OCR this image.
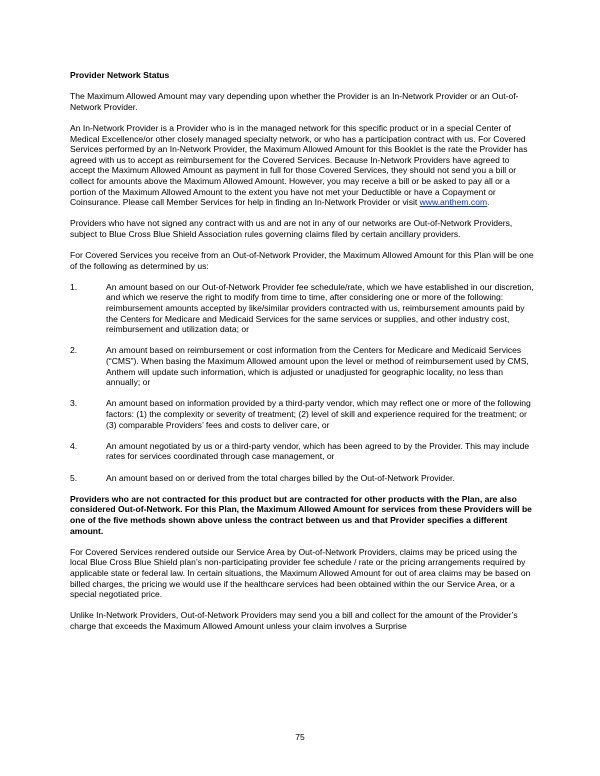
Provider Network Status

The Maximum Allowed Amount may vary depending upon whether the Provider is an In-Network Provider or an Out-of-Network Provider.

An In-Network Provider is a Provider who is in the managed network for this specific product or in a special Center of Medical Excellence/or other closely managed specialty network, or who has a participation contract with us. For Covered Services performed by an In-Network Provider, the Maximum Allowed Amount for this Booklet is the rate the Provider has agreed with us to accept as reimbursement for the Covered Services. Because In-Network Providers have agreed to accept the Maximum Allowed Amount as payment in full for those Covered Services, they should not send you a bill or collect for amounts above the Maximum Allowed Amount. However, you may receive a bill or be asked to pay all or a portion of the Maximum Allowed Amount to the extent you have not met your Deductible or have a Copayment or Coinsurance. Please call Member Services for help in finding an In-Network Provider or visit www.anthem.com.

Providers who have not signed any contract with us and are not in any of our networks are Out-of-Network Providers, subject to Blue Cross Blue Shield Association rules governing claims filed by certain ancillary providers.

For Covered Services you receive from an Out-of-Network Provider, the Maximum Allowed Amount for this Plan will be one of the following as determined by us:

1.	An amount based on our Out-of-Network Provider fee schedule/rate, which we have established in our discretion, and which we reserve the right to modify from time to time, after considering one or more of the following: reimbursement amounts accepted by like/similar providers contracted with us, reimbursement amounts paid by the Centers for Medicare and Medicaid Services for the same services or supplies, and other industry cost, reimbursement and utilization data; or
2.	An amount based on reimbursement or cost information from the Centers for Medicare and Medicaid Services (“CMS”). When basing the Maximum Allowed amount upon the level or method of reimbursement used by CMS, Anthem will update such information, which is adjusted or unadjusted for geographic locality, no less than annually; or
3.	An amount based on information provided by a third-party vendor, which may reflect one or more of the following factors: (1) the complexity or severity of treatment; (2) level of skill and experience required for the treatment; or (3) comparable Providers’ fees and costs to deliver care, or
4.	An amount negotiated by us or a third-party vendor, which has been agreed to by the Provider. This may include rates for services coordinated through case management, or
5.	An amount based on or derived from the total charges billed by the Out-of-Network Provider.

Providers who are not contracted for this product but are contracted for other products with the Plan, are also considered Out-of-Network. For this Plan, the Maximum Allowed Amount for services from these Providers will be one of the five methods shown above unless the contract between us and that Provider specifies a different amount.

For Covered Services rendered outside our Service Area by Out-of-Network Providers, claims may be priced using the local Blue Cross Blue Shield plan’s non-participating provider fee schedule / rate or the pricing arrangements required by applicable state or federal law. In certain situations, the Maximum Allowed Amount for out of area claims may be based on billed charges, the pricing we would use if the healthcare services had been obtained within the our Service Area, or a special negotiated price.

Unlike In-Network Providers, Out-of-Network Providers may send you a bill and collect for the amount of the Provider’s charge that exceeds the Maximum Allowed Amount unless your claim involves a Surprise

75
